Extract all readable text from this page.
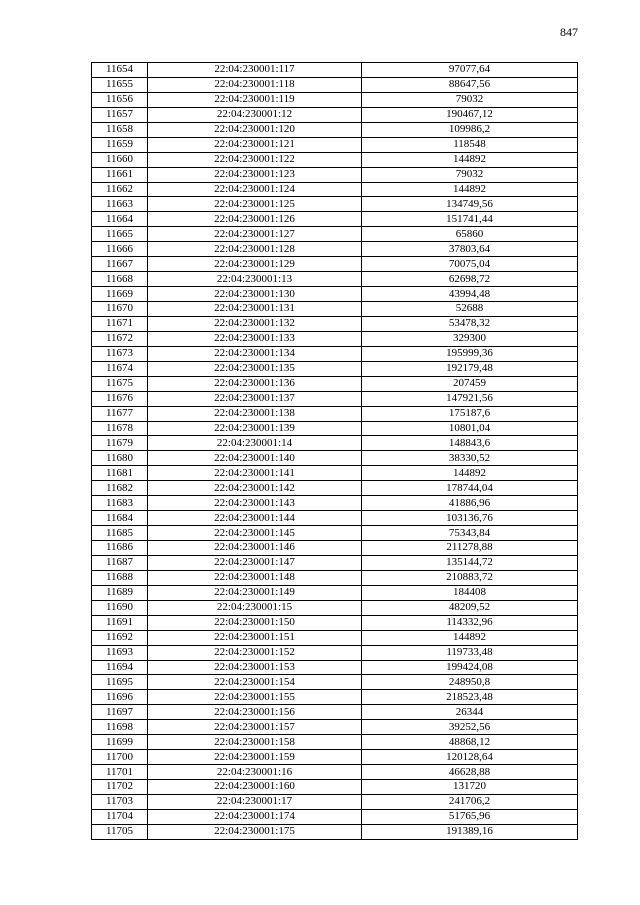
847
11654	22:04:230001:117	97077,64
11655	22:04:230001:118	88647,56
11656	22:04:230001:119	79032
11657	22:04:230001:12	190467,12
11658	22:04:230001:120	109986,2
11659	22:04:230001:121	118548
11660	22:04:230001:122	144892
11661	22:04:230001:123	79032
11662	22:04:230001:124	144892
11663	22:04:230001:125	134749,56
11664	22:04:230001:126	151741,44
11665	22:04:230001:127	65860
11666	22:04:230001:128	37803,64
11667	22:04:230001:129	70075,04
11668	22:04:230001:13	62698,72
11669	22:04:230001:130	43994,48
11670	22:04:230001:131	52688
11671	22:04:230001:132	53478,32
11672	22:04:230001:133	329300
11673	22:04:230001:134	195999,36
11674	22:04:230001:135	192179,48
11675	22:04:230001:136	207459
11676	22:04:230001:137	147921,56
11677	22:04:230001:138	175187,6
11678	22:04:230001:139	10801,04
11679	22:04:230001:14	148843,6
11680	22:04:230001:140	38330,52
11681	22:04:230001:141	144892
11682	22:04:230001:142	178744,04
11683	22:04:230001:143	41886,96
11684	22:04:230001:144	103136,76
11685	22:04:230001:145	75343,84
11686	22:04:230001:146	211278,88
11687	22:04:230001:147	135144,72
11688	22:04:230001:148	210883,72
11689	22:04:230001:149	184408
11690	22:04:230001:15	48209,52
11691	22:04:230001:150	114332,96
11692	22:04:230001:151	144892
11693	22:04:230001:152	119733,48
11694	22:04:230001:153	199424,08
11695	22:04:230001:154	248950,8
11696	22:04:230001:155	218523,48
11697	22:04:230001:156	26344
11698	22:04:230001:157	39252,56
11699	22:04:230001:158	48868,12
11700	22:04:230001:159	120128,64
11701	22:04:230001:16	46628,88
11702	22:04:230001:160	131720
11703	22:04:230001:17	241706,2
11704	22:04:230001:174	51765,96
11705	22:04:230001:175	191389,16
